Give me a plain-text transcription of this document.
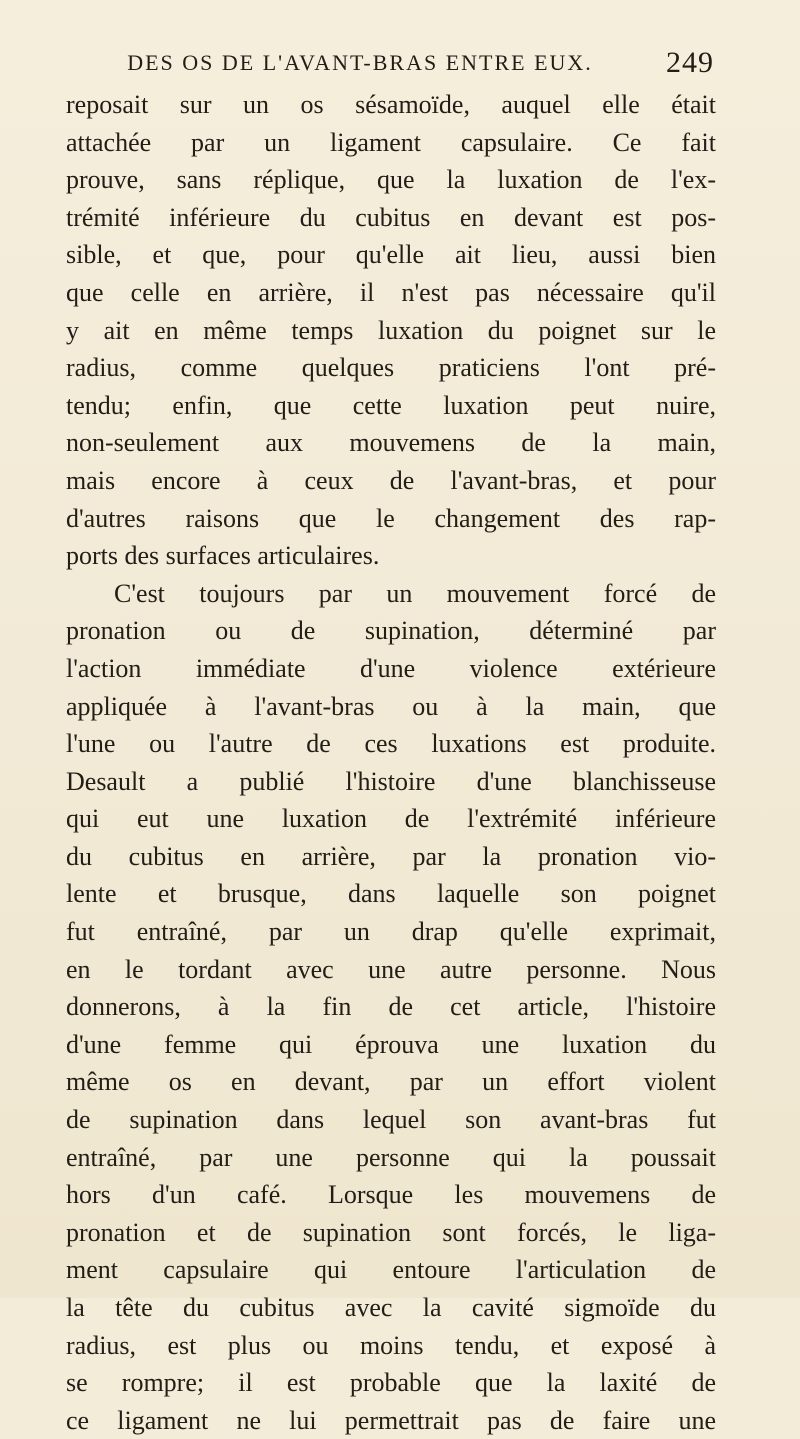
DES OS DE L'AVANT-BRAS ENTRE EUX.	249
reposait sur un os sésamoïde, auquel elle était
attachée par un ligament capsulaire. Ce fait
prouve, sans réplique, que la luxation de l'ex-
trémité inférieure du cubitus en devant est pos-
sible, et que, pour qu'elle ait lieu, aussi bien
que celle en arrière, il n'est pas nécessaire qu'il
y ait en même temps luxation du poignet sur le
radius, comme quelques praticiens l'ont pré-
tendu; enfin, que cette luxation peut nuire,
non-seulement aux mouvemens de la main,
mais encore à ceux de l'avant-bras, et pour
d'autres raisons que le changement des rap-
ports des surfaces articulaires.
C'est toujours par un mouvement forcé de
pronation ou de supination, déterminé par
l'action immédiate d'une violence extérieure
appliquée à l'avant-bras ou à la main, que
l'une ou l'autre de ces luxations est produite.
Desault a publié l'histoire d'une blanchisseuse
qui eut une luxation de l'extrémité inférieure
du cubitus en arrière, par la pronation vio-
lente et brusque, dans laquelle son poignet
fut entraîné, par un drap qu'elle exprimait,
en le tordant avec une autre personne. Nous
donnerons, à la fin de cet article, l'histoire
d'une femme qui éprouva une luxation du
même os en devant, par un effort violent
de supination dans lequel son avant-bras fut
entraîné, par une personne qui la poussait
hors d'un café. Lorsque les mouvemens de
pronation et de supination sont forcés, le liga-
ment capsulaire qui entoure l'articulation de
la tête du cubitus avec la cavité sigmoïde du
radius, est plus ou moins tendu, et exposé à
se rompre; il est probable que la laxité de
ce ligament ne lui permettrait pas de faire une
